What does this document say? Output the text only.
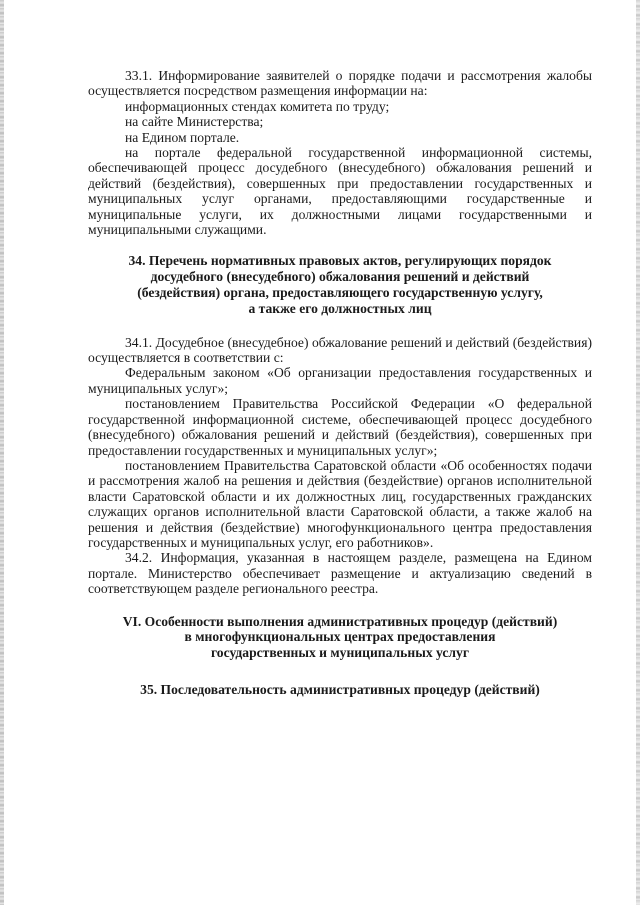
33.1. Информирование заявителей о порядке подачи и рассмотрения жалобы осуществляется посредством размещения информации на:

информационных стендах комитета по труду;

на сайте Министерства;

на Едином портале.

на портале федеральной государственной информационной системы, обеспечивающей процесс досудебного (внесудебного) обжалования решений и действий (бездействия), совершенных при предоставлении государственных и муниципальных услуг органами, предоставляющими государственные и муниципальные услуги, их должностными лицами государственными и муниципальными служащими.

34. Перечень нормативных правовых актов, регулирующих порядок

досудебного (внесудебного) обжалования решений и действий

(бездействия) органа, предоставляющего государственную услугу,

а также его должностных лиц

34.1. Досудебное (внесудебное) обжалование решений и действий (бездействия) осуществляется в соответствии с:

Федеральным законом «Об организации предоставления государственных и муниципальных услуг»;

постановлением Правительства Российской Федерации «О федеральной государственной информационной системе, обеспечивающей процесс досудебного (внесудебного) обжалования решений и действий (бездействия), совершенных при предоставлении государственных и муниципальных услуг»;

постановлением Правительства Саратовской области «Об особенностях подачи и рассмотрения жалоб на решения и действия (бездействие) органов исполнительной власти Саратовской области и их должностных лиц, государственных гражданских служащих органов исполнительной власти Саратовской области, а также жалоб на решения и действия (бездействие) многофункционального центра предоставления государственных и муниципальных услуг, его работников».

34.2. Информация, указанная в настоящем разделе, размещена на Едином портале. Министерство обеспечивает размещение и актуализацию сведений в соответствующем разделе регионального реестра.

VI. Особенности выполнения административных процедур (действий)

в многофункциональных центрах предоставления

государственных и муниципальных услуг

35. Последовательность административных процедур (действий)
